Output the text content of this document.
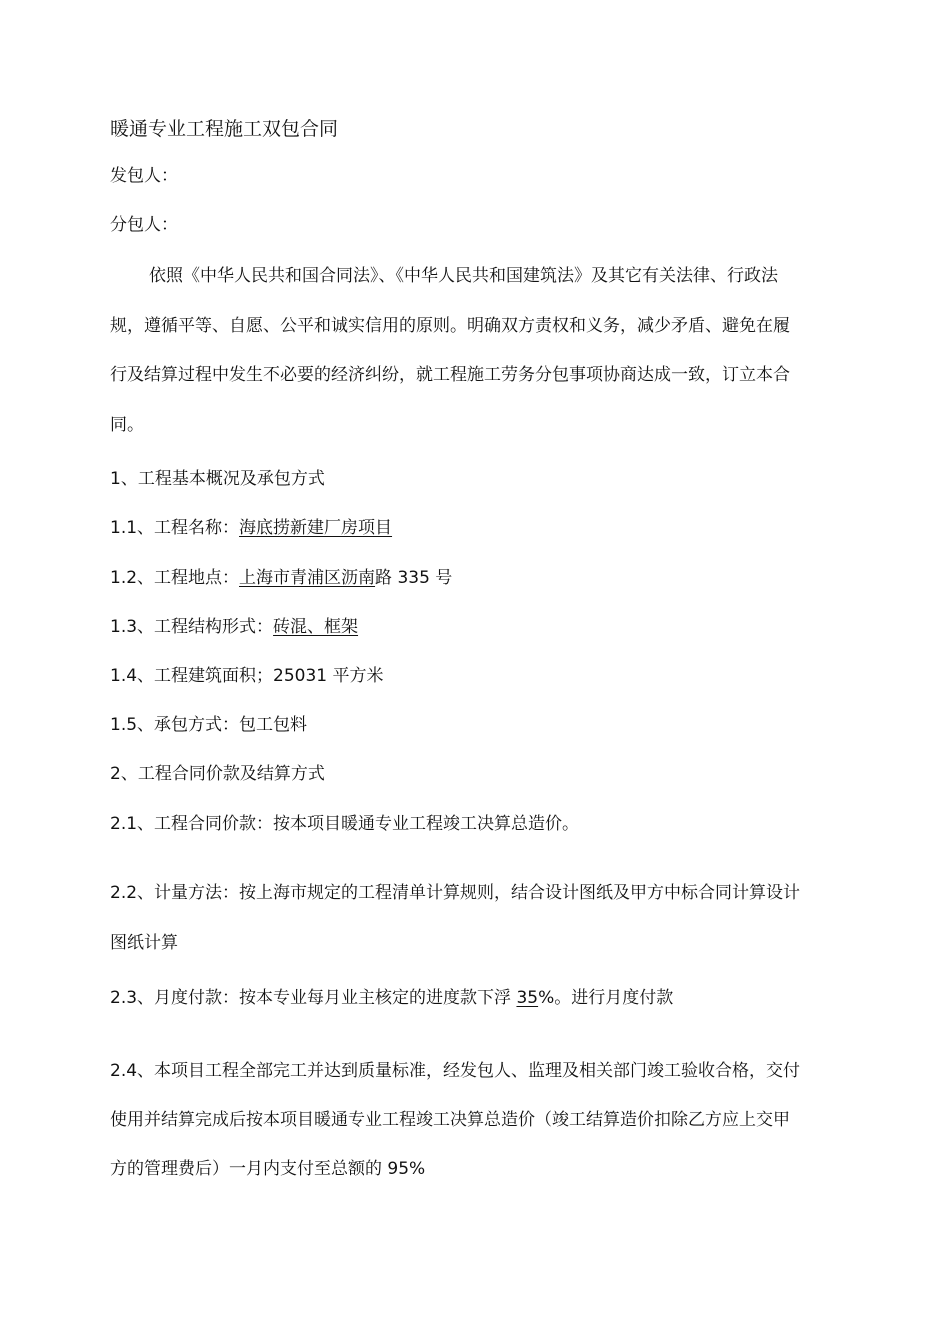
暖通专业工程施工双包合同

发包人：

分包人：

依照《中华人民共和国合同法》、《中华人民共和国建筑法》及其它有关法律、行政法

规，遵循平等、自愿、公平和诚实信用的原则。明确双方责权和义务，减少矛盾、避免在履

行及结算过程中发生不必要的经济纠纷，就工程施工劳务分包事项协商达成一致，订立本合

同。

1、工程基本概况及承包方式

1.1、工程名称：海底捞新建厂房项目

1.2、工程地点：上海市青浦区沥南路 335 号

1.3、工程结构形式：砖混、框架

1.4、工程建筑面积；25031 平方米

1.5、承包方式：包工包料

2、工程合同价款及结算方式

2.1、工程合同价款：按本项目暖通专业工程竣工决算总造价。

2.2、计量方法：按上海市规定的工程清单计算规则，结合设计图纸及甲方中标合同计算设计

图纸计算

2.3、月度付款：按本专业每月业主核定的进度款下浮 35%。进行月度付款

2.4、本项目工程全部完工并达到质量标准，经发包人、监理及相关部门竣工验收合格，交付

使用并结算完成后按本项目暖通专业工程竣工决算总造价（竣工结算造价扣除乙方应上交甲

方的管理费后）一月内支付至总额的 95%
